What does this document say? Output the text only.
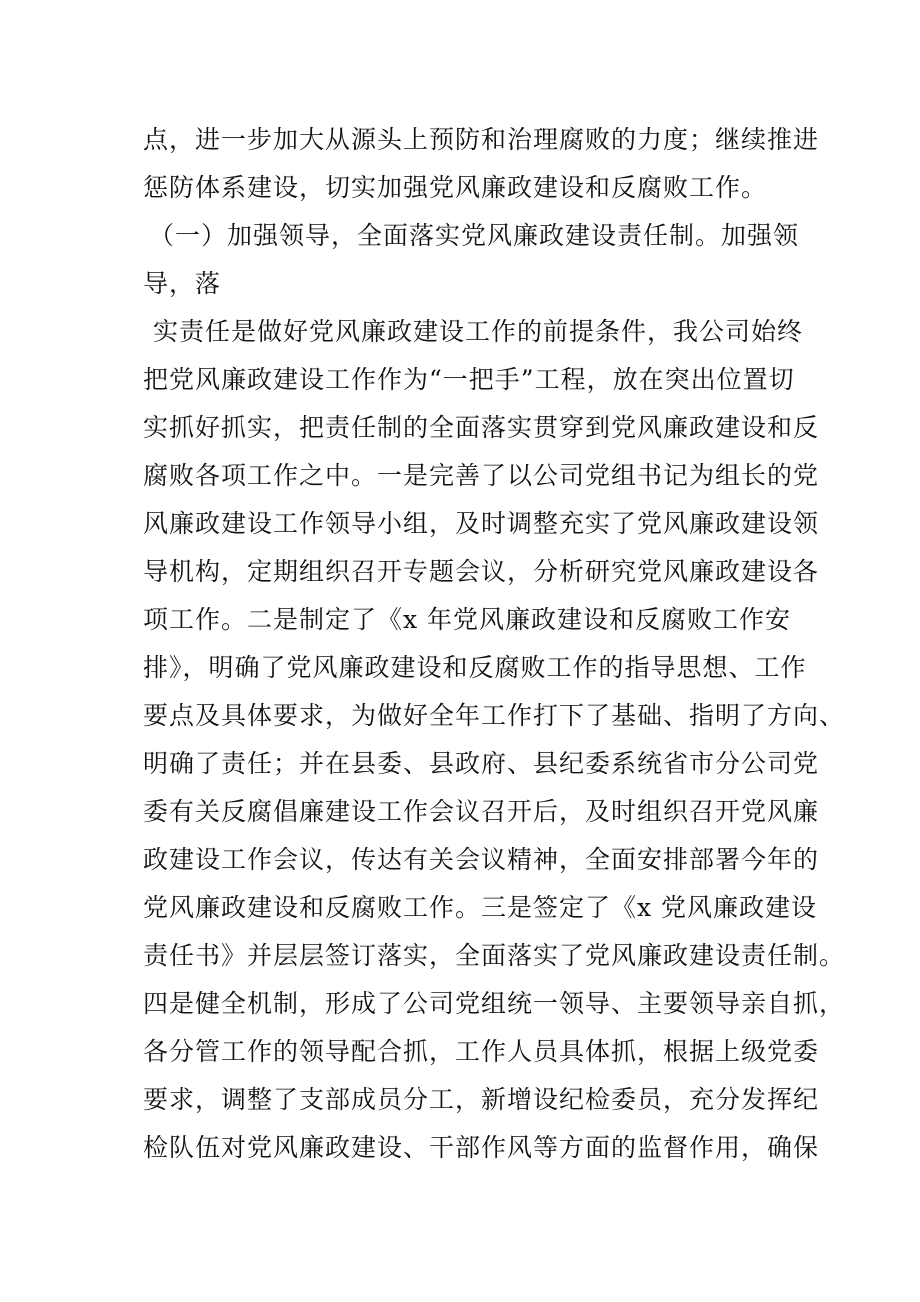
点，进一步加大从源头上预防和治理腐败的力度；继续推进
惩防体系建设，切实加强党风廉政建设和反腐败工作。
（一）加强领导，全面落实党风廉政建设责任制。加强领
导，落
实责任是做好党风廉政建设工作的前提条件，我公司始终
把党风廉政建设工作作为“一把手”工程，放在突出位置切
实抓好抓实，把责任制的全面落实贯穿到党风廉政建设和反
腐败各项工作之中。一是完善了以公司党组书记为组长的党
风廉政建设工作领导小组，及时调整充实了党风廉政建设领
导机构，定期组织召开专题会议，分析研究党风廉政建设各
项工作。二是制定了《x 年党风廉政建设和反腐败工作安
排》，明确了党风廉政建设和反腐败工作的指导思想、工作
要点及具体要求，为做好全年工作打下了基础、指明了方向、
明确了责任；并在县委、县政府、县纪委系统省市分公司党
委有关反腐倡廉建设工作会议召开后，及时组织召开党风廉
政建设工作会议，传达有关会议精神，全面安排部署今年的
党风廉政建设和反腐败工作。三是签定了《x 党风廉政建设
责任书》并层层签订落实，全面落实了党风廉政建设责任制。
四是健全机制，形成了公司党组统一领导、主要领导亲自抓，
各分管工作的领导配合抓，工作人员具体抓，根据上级党委
要求，调整了支部成员分工，新增设纪检委员，充分发挥纪
检队伍对党风廉政建设、干部作风等方面的监督作用，确保
